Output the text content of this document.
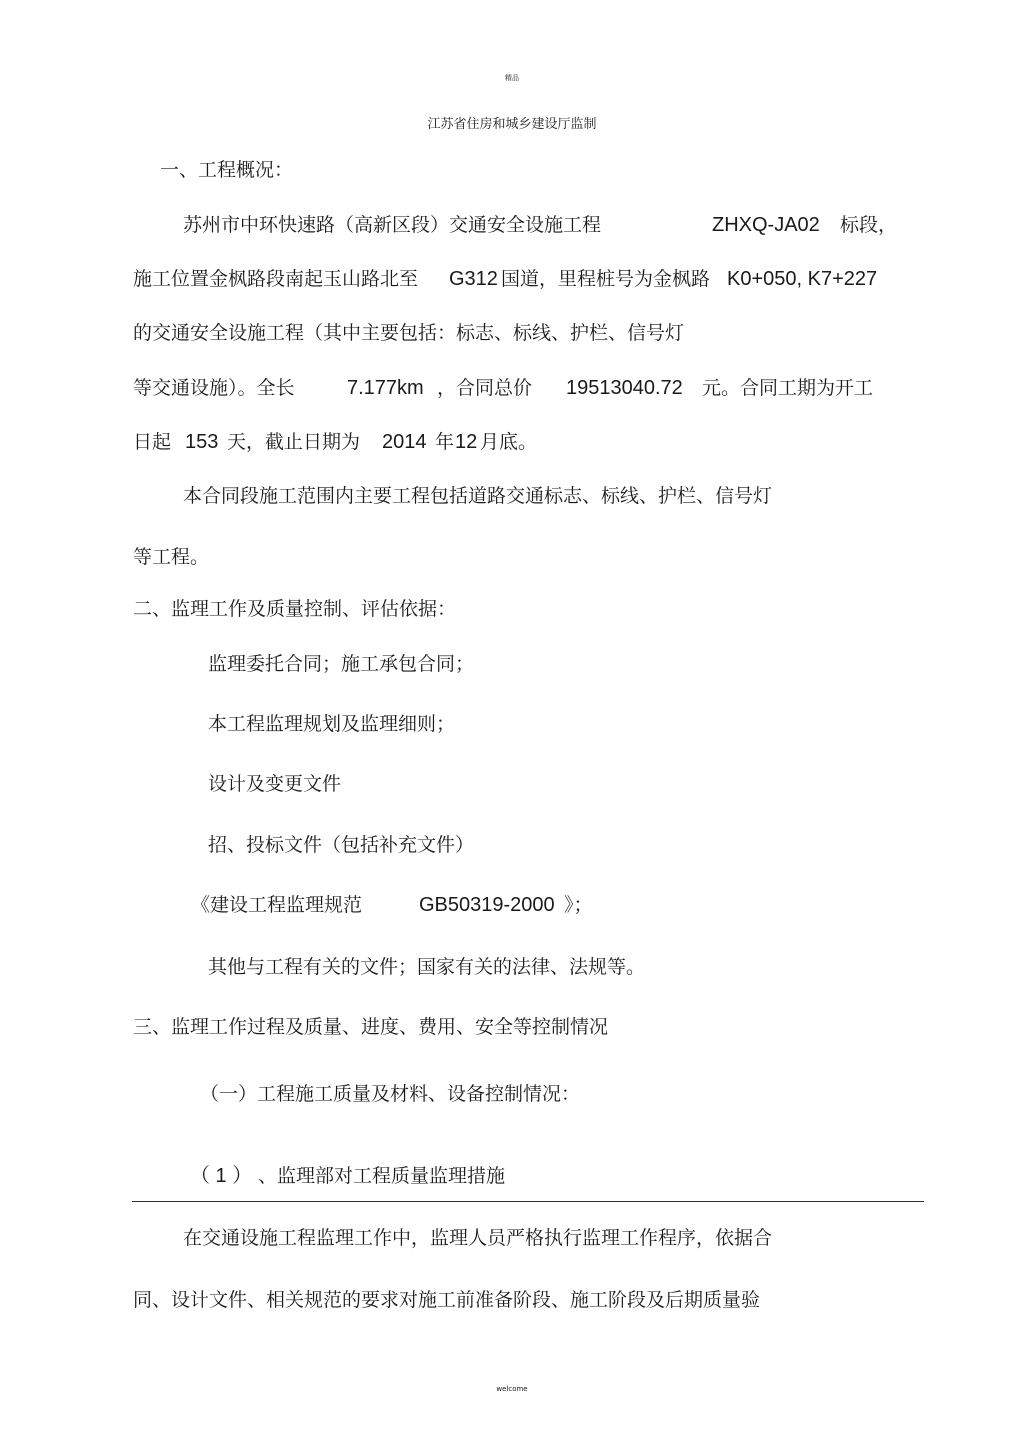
精品
江苏省住房和城乡建设厅监制
一、工程概况：
苏州市中环快速路（高新区段）交通安全设施工程	ZHXQ-JA02 标段，
施工位置金枫路段南起玉山路北至 G312 国道，里程桩号为金枫路 K0+050, K7+227
的交通安全设施工程（其中主要包括：标志、标线、护栏、信号灯
等交通设施）。全长	7.177km ，合同总价 19513040.72 元。合同工期为开工
日起 153 天，截止日期为 2014 年 12 月底。
本合同段施工范围内主要工程包括道路交通标志、标线、护栏、信号灯
等工程。
二、监理工作及质量控制、评估依据：
监理委托合同；施工承包合同；
本工程监理规划及监理细则；
设计及变更文件
招、投标文件（包括补充文件）
《建设工程监理规范	GB50319-2000 》；
其他与工程有关的文件；国家有关的法律、法规等。
三、监理工作过程及质量、进度、费用、安全等控制情况
（一）工程施工质量及材料、设备控制情况：
（ 1 ） 、监理部对工程质量监理措施
在交通设施工程监理工作中，监理人员严格执行监理工作程序，依据合
同、设计文件、相关规范的要求对施工前准备阶段、施工阶段及后期质量验
welcome
